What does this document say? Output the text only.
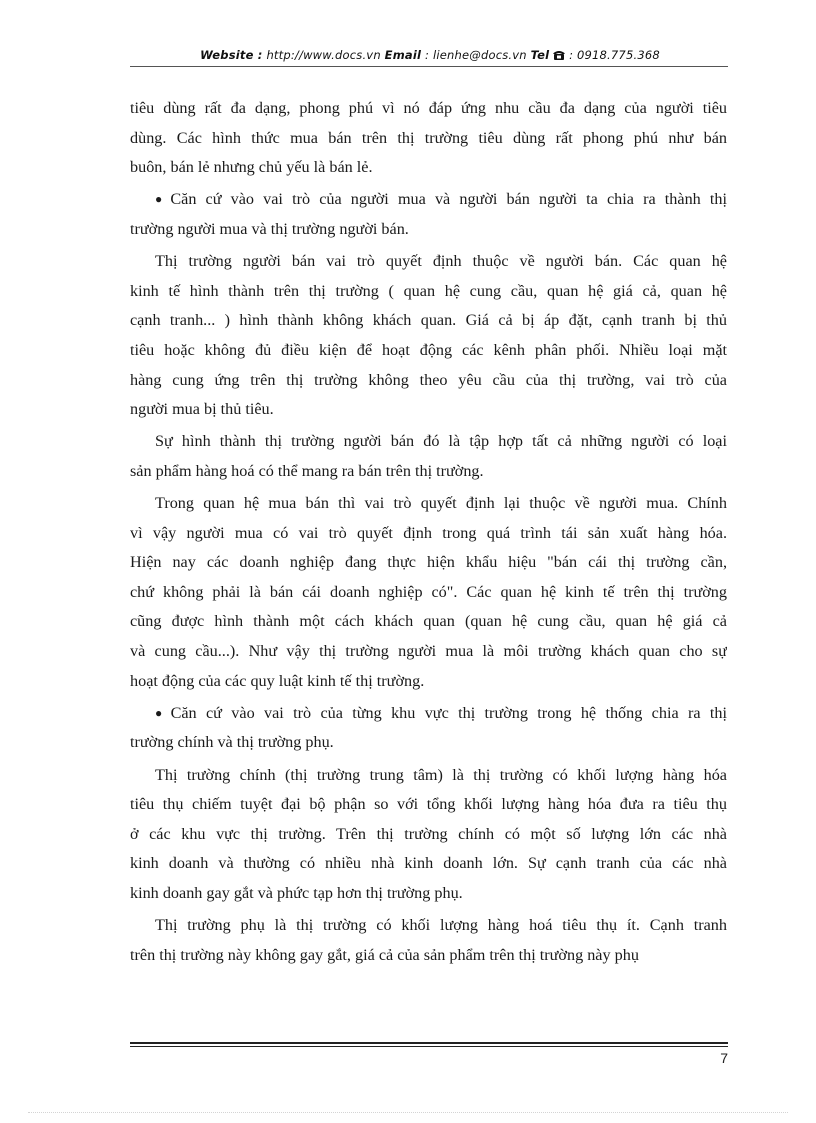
Website : http://www.docs.vn Email : lienhe@docs.vn Tel : 0918.775.368
tiêu dùng rất đa dạng, phong phú vì nó đáp ứng nhu cầu đa dạng của người tiêu
dùng. Các hình thức mua bán trên thị trường tiêu dùng rất phong phú như bán
buôn, bán lẻ nhưng chủ yếu là bán lẻ.
● Căn cứ vào vai trò của người mua và người bán người ta chia ra thành thị
trường người mua và thị trường người bán.
Thị trường người bán vai trò quyết định thuộc về người bán. Các quan hệ
kinh tế hình thành trên thị trường ( quan hệ cung cầu, quan hệ giá cả, quan hệ
cạnh tranh... ) hình thành không khách quan. Giá cả bị áp đặt, cạnh tranh bị thủ
tiêu hoặc không đủ điều kiện để hoạt động các kênh phân phối. Nhiều loại mặt
hàng cung ứng trên thị trường không theo yêu cầu của thị trường, vai trò của
người mua bị thủ tiêu.
Sự hình thành thị trường người bán đó là tập hợp tất cả những người có loại
sản phẩm hàng hoá có thể mang ra bán trên thị trường.
Trong quan hệ mua bán thì vai trò quyết định lại thuộc về người mua. Chính
vì vậy người mua có vai trò quyết định trong quá trình tái sản xuất hàng hóa.
Hiện nay các doanh nghiệp đang thực hiện khẩu hiệu "bán cái thị trường cần,
chứ không phải là bán cái doanh nghiệp có". Các quan hệ kinh tế trên thị trường
cũng được hình thành một cách khách quan (quan hệ cung cầu, quan hệ giá cả
và cung cầu...). Như vậy thị trường người mua là môi trường khách quan cho sự
hoạt động của các quy luật kinh tế thị trường.
● Căn cứ vào vai trò của từng khu vực thị trường trong hệ thống chia ra thị
trường chính và thị trường phụ.
Thị trường chính (thị trường trung tâm) là thị trường có khối lượng hàng hóa
tiêu thụ chiếm tuyệt đại bộ phận so với tổng khối lượng hàng hóa đưa ra tiêu thụ
ở các khu vực thị trường. Trên thị trường chính có một số lượng lớn các nhà
kinh doanh và thường có nhiều nhà kinh doanh lớn. Sự cạnh tranh của các nhà
kinh doanh gay gắt và phức tạp hơn thị trường phụ.
Thị trường phụ là thị trường có khối lượng hàng hoá tiêu thụ ít. Cạnh tranh
trên thị trường này không gay gắt, giá cả của sản phẩm trên thị trường này phụ
7
